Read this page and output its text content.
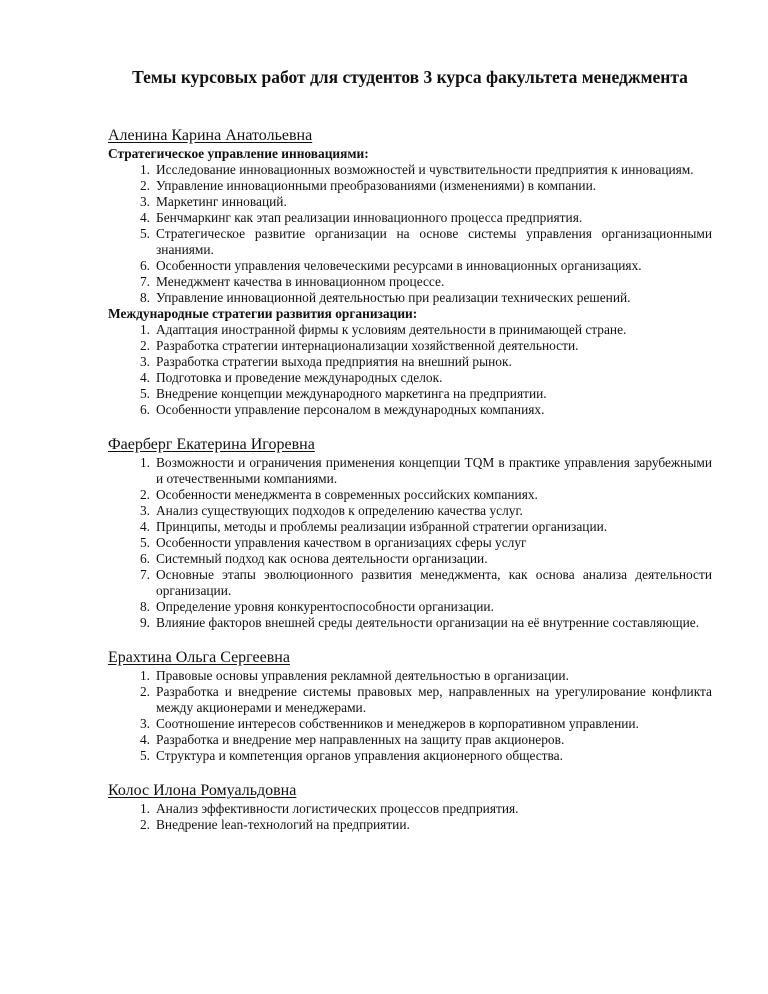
Темы курсовых работ для студентов 3 курса факультета менеджмента

Аленина Карина Анатольевна

Стратегическое управление инновациями:

1. Исследование инновационных возможностей и чувствительности предприятия к инновациям.
2. Управление инновационными преобразованиями (изменениями) в компании.
3. Маркетинг инноваций.
4. Бенчмаркинг как этап реализации инновационного процесса предприятия.
5. Стратегическое развитие организации на основе системы управления организационными знаниями.
6. Особенности управления человеческими ресурсами в инновационных организациях.
7. Менеджмент качества в инновационном процессе.
8. Управление инновационной деятельностью при реализации технических решений.

Международные стратегии развития организации:

1. Адаптация иностранной фирмы к условиям деятельности в принимающей стране.
2. Разработка стратегии интернационализации хозяйственной деятельности.
3. Разработка стратегии выхода предприятия на внешний рынок.
4. Подготовка и проведение международных сделок.
5. Внедрение концепции международного маркетинга на предприятии.
6. Особенности управление персоналом в международных компаниях.

Фаерберг Екатерина Игоревна

1. Возможности и ограничения применения концепции TQM в практике управления зарубежными и отечественными компаниями.
2. Особенности менеджмента в современных российских компаниях.
3. Анализ существующих подходов к определению качества услуг.
4. Принципы, методы и проблемы реализации избранной стратегии организации.
5. Особенности управления качеством в организациях сферы услуг
6. Системный подход как основа деятельности организации.
7. Основные этапы эволюционного развития менеджмента, как основа анализа деятельности организации.
8. Определение уровня конкурентоспособности организации.
9. Влияние факторов внешней среды деятельности организации на её внутренние составляющие.

Ерахтина Ольга Сергеевна

1. Правовые основы управления рекламной деятельностью в организации.
2. Разработка и внедрение системы правовых мер, направленных на урегулирование конфликта между акционерами и менеджерами.
3. Соотношение интересов собственников и менеджеров в корпоративном управлении.
4. Разработка и внедрение мер направленных на защиту прав акционеров.
5. Структура и компетенция органов управления акционерного общества.

Колос Илона Ромуальдовна

1. Анализ эффективности логистических процессов предприятия.
2. Внедрение lean-технологий на предприятии.
